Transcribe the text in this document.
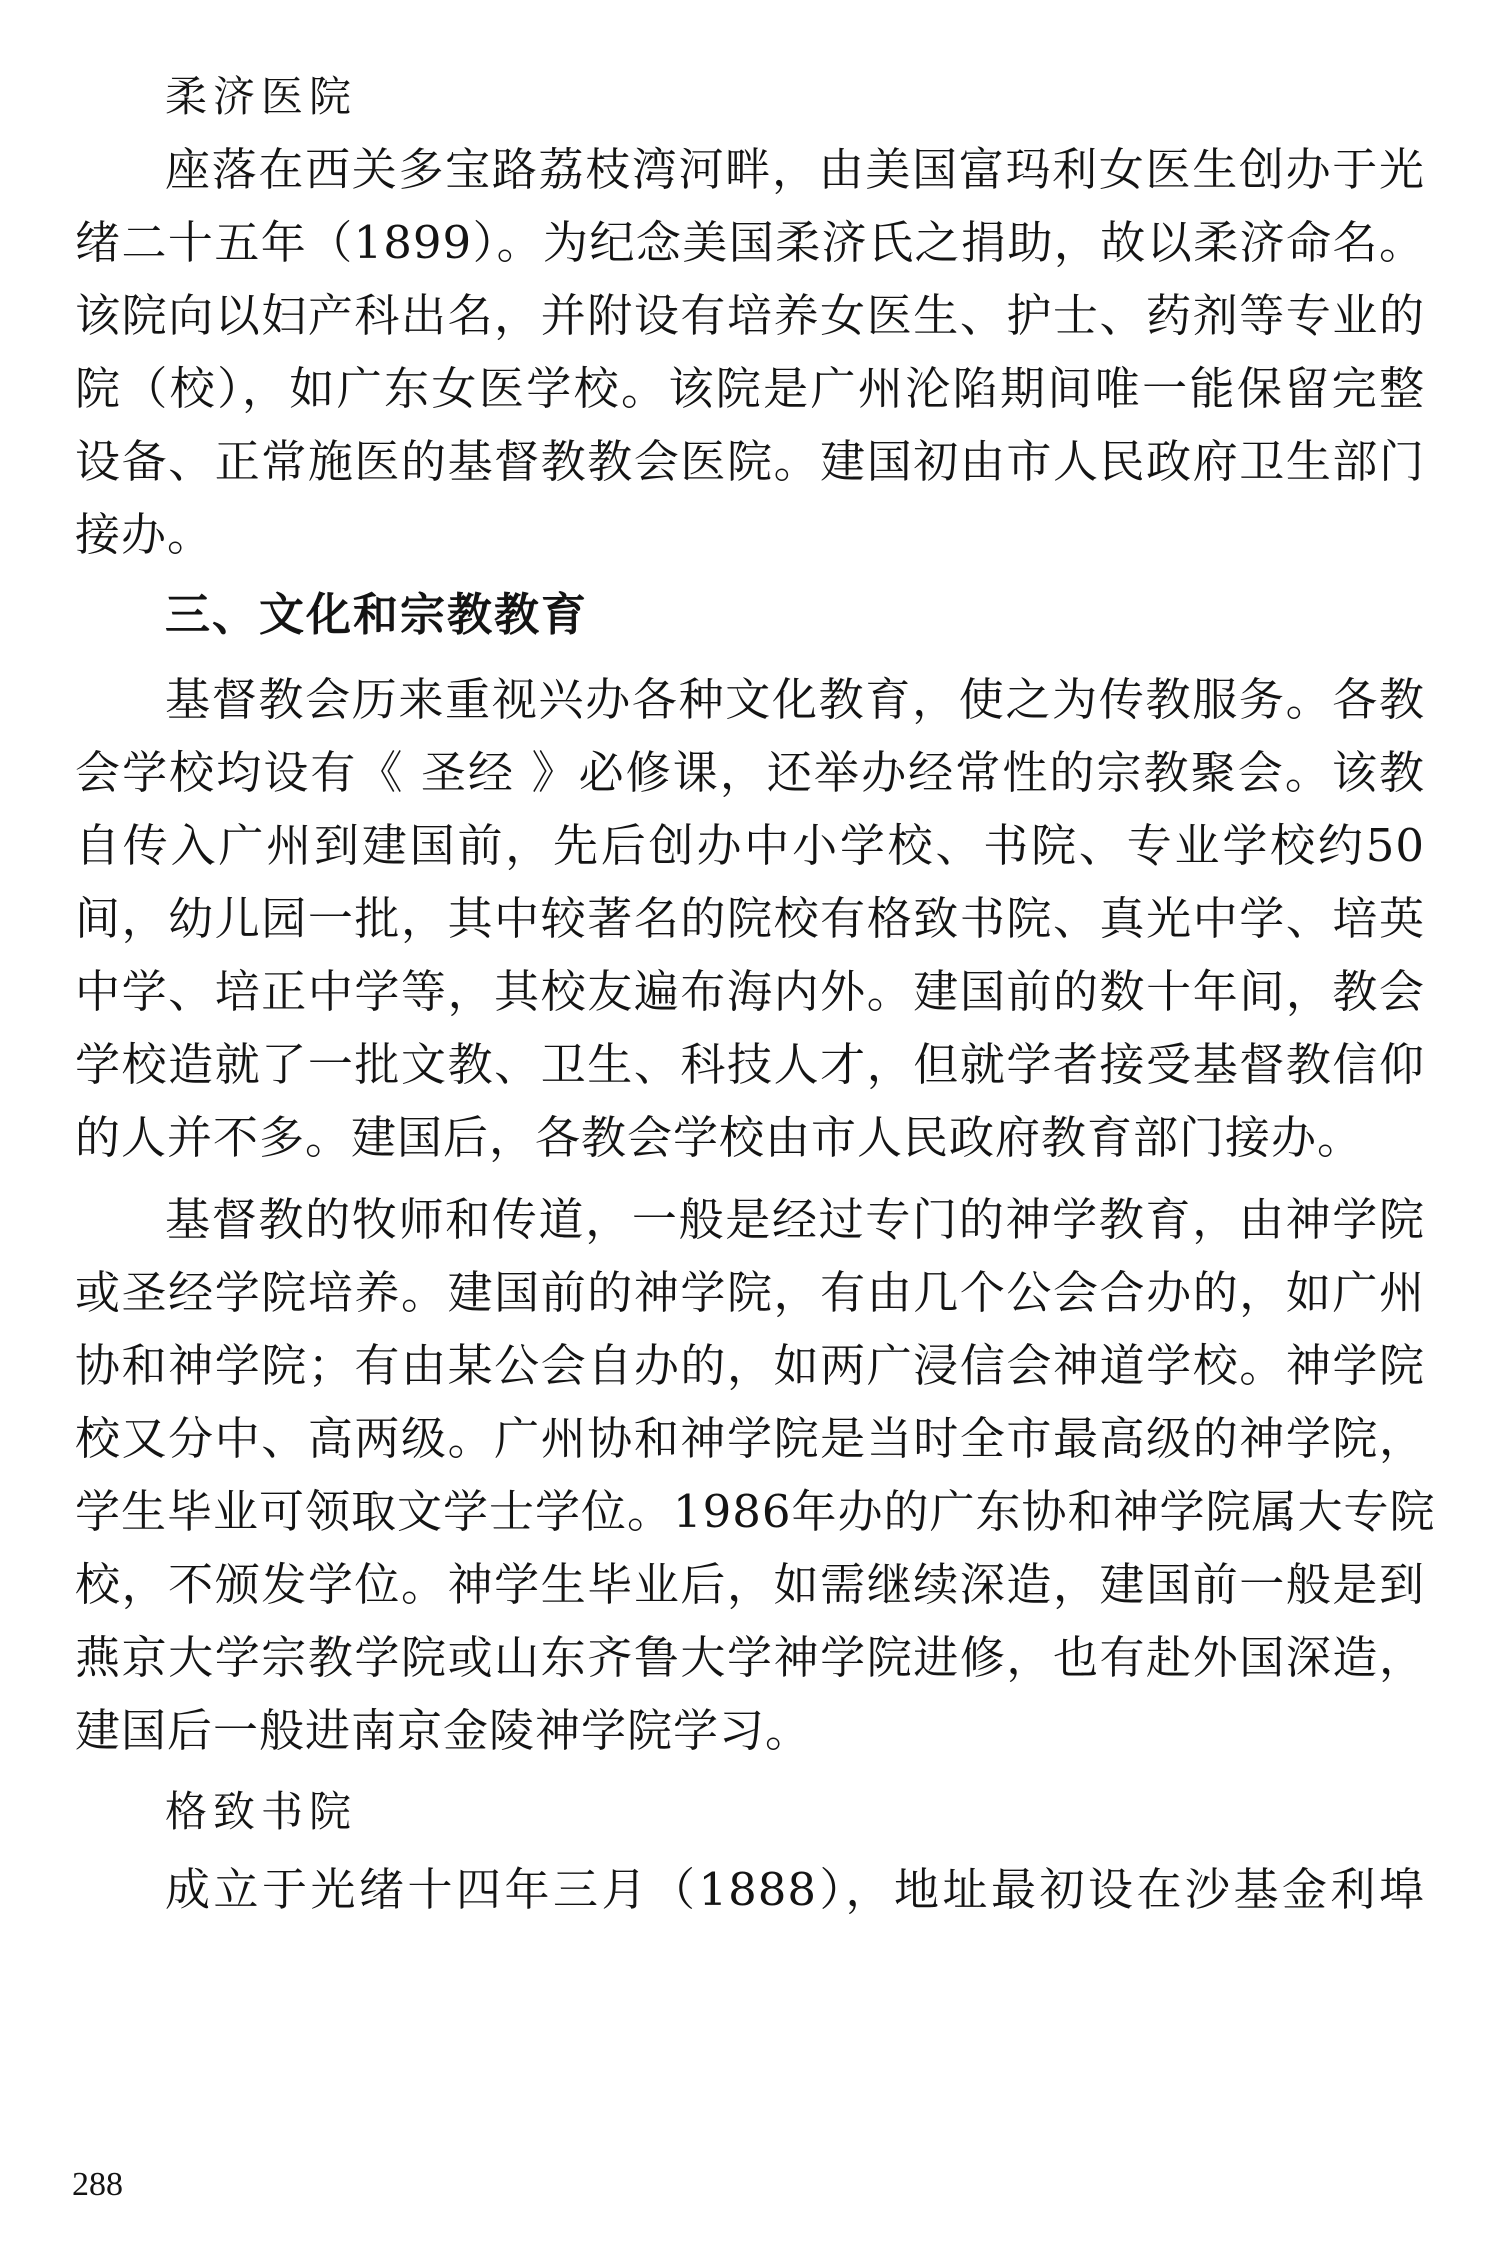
柔济医院

座落在西关多宝路荔枝湾河畔，由美国富玛利女医生创办于光

绪二十五年（1899）。为纪念美国柔济氏之捐助，故以柔济命名。

该院向以妇产科出名，并附设有培养女医生、护士、药剂等专业的

院（校），如广东女医学校。该院是广州沦陷期间唯一能保留完整

设备、正常施医的基督教教会医院。建国初由市人民政府卫生部门

接办。

三、文化和宗教教育

基督教会历来重视兴办各种文化教育，使之为传教服务。各教

会学校均设有《 圣经 》必修课，还举办经常性的宗教聚会。该教

自传入广州到建国前，先后创办中小学校、书院、专业学校约50

间，幼儿园一批，其中较著名的院校有格致书院、真光中学、培英

中学、培正中学等，其校友遍布海内外。建国前的数十年间，教会

学校造就了一批文教、卫生、科技人才，但就学者接受基督教信仰

的人并不多。建国后，各教会学校由市人民政府教育部门接办。

基督教的牧师和传道，一般是经过专门的神学教育，由神学院

或圣经学院培养。建国前的神学院，有由几个公会合办的，如广州

协和神学院；有由某公会自办的，如两广浸信会神道学校。神学院

校又分中、高两级。广州协和神学院是当时全市最高级的神学院，

学生毕业可领取文学士学位。1986年办的广东协和神学院属大专院

校，不颁发学位。神学生毕业后，如需继续深造，建国前一般是到

燕京大学宗教学院或山东齐鲁大学神学院进修，也有赴外国深造，

建国后一般进南京金陵神学院学习。

格致书院

成立于光绪十四年三月（1888），地址最初设在沙基金利埠

288
